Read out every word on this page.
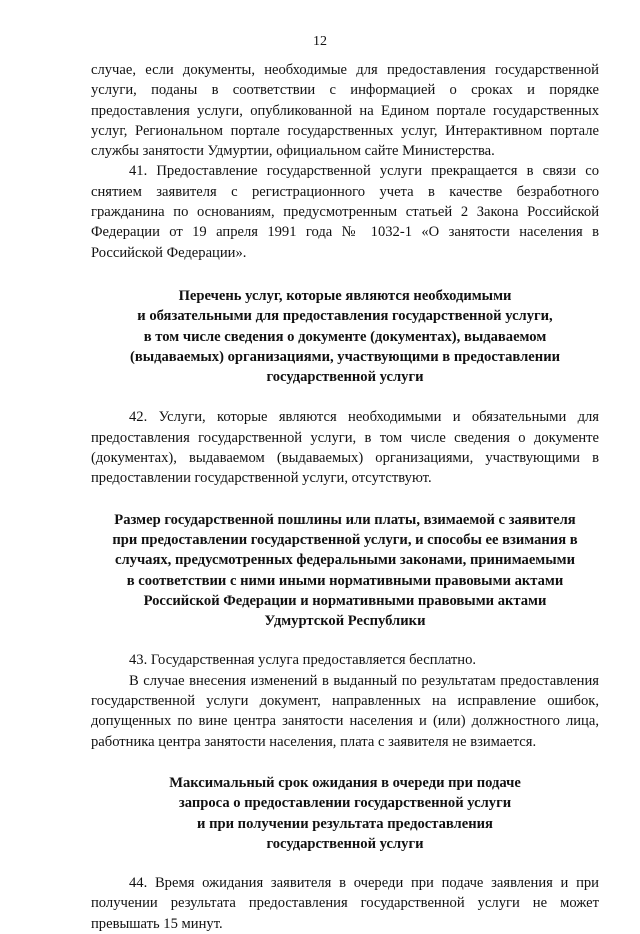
12

случае, если документы, необходимые для предоставления государственной услуги, поданы в соответствии с информацией о сроках и порядке предоставления услуги, опубликованной на Едином портале государственных услуг, Региональном портале государственных услуг, Интерактивном портале службы занятости Удмуртии, официальном сайте Министерства.

41. Предоставление государственной услуги прекращается в связи со снятием заявителя с регистрационного учета в качестве безработного гражданина по основаниям, предусмотренным статьей 2 Закона Российской Федерации от 19 апреля 1991 года № 1032-1 «О занятости населения в Российской Федерации».

Перечень услуг, которые являются необходимыми
и обязательными для предоставления государственной услуги,
в том числе сведения о документе (документах), выдаваемом
(выдаваемых) организациями, участвующими в предоставлении
государственной услуги

42. Услуги, которые являются необходимыми и обязательными для предоставления государственной услуги, в том числе сведения о документе (документах), выдаваемом (выдаваемых) организациями, участвующими в предоставлении государственной услуги, отсутствуют.

Размер государственной пошлины или платы, взимаемой с заявителя
при предоставлении государственной услуги, и способы ее взимания в
случаях, предусмотренных федеральными законами, принимаемыми
в соответствии с ними иными нормативными правовыми актами
Российской Федерации и нормативными правовыми актами
Удмуртской Республики

43. Государственная услуга предоставляется бесплатно.

В случае внесения изменений в выданный по результатам предоставления государственной услуги документ, направленных на исправление ошибок, допущенных по вине центра занятости населения и (или) должностного лица, работника центра занятости населения, плата с заявителя не взимается.

Максимальный срок ожидания в очереди при подаче
запроса о предоставлении государственной услуги
и при получении результата предоставления
государственной услуги

44. Время ожидания заявителя в очереди при подаче заявления и при получении результата предоставления государственной услуги не может превышать 15 минут.
